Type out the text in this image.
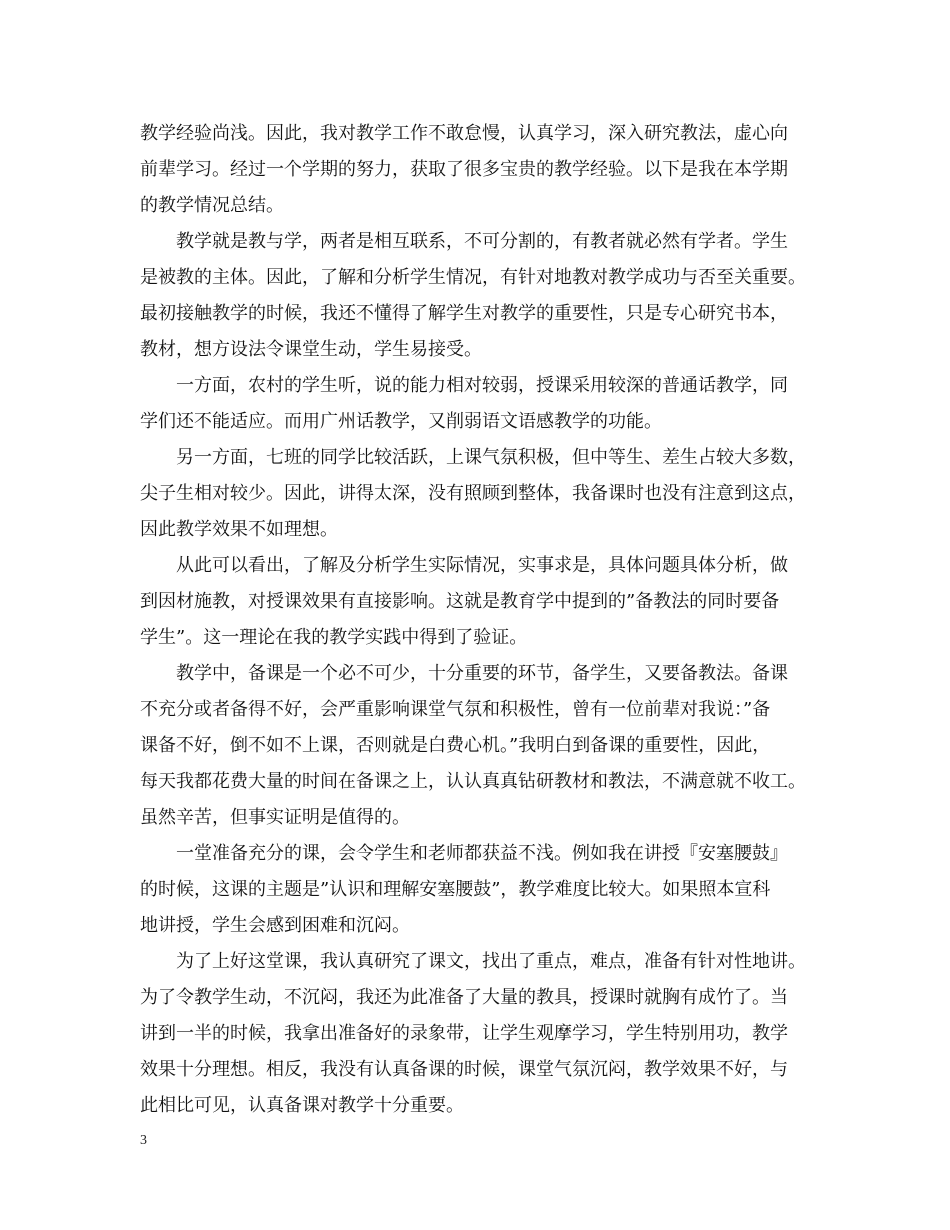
教学经验尚浅。因此，我对教学工作不敢怠慢，认真学习，深入研究教法，虚心向
前辈学习。经过一个学期的努力，获取了很多宝贵的教学经验。以下是我在本学期
的教学情况总结。
教学就是教与学，两者是相互联系，不可分割的，有教者就必然有学者。学生
是被教的主体。因此，了解和分析学生情况，有针对地教对教学成功与否至关重要。
最初接触教学的时候，我还不懂得了解学生对教学的重要性，只是专心研究书本，
教材，想方设法令课堂生动，学生易接受。
一方面，农村的学生听，说的能力相对较弱，授课采用较深的普通话教学，同
学们还不能适应。而用广州话教学，又削弱语文语感教学的功能。
另一方面，七班的同学比较活跃，上课气氛积极，但中等生、差生占较大多数，
尖子生相对较少。因此，讲得太深，没有照顾到整体，我备课时也没有注意到这点，
因此教学效果不如理想。
从此可以看出，了解及分析学生实际情况，实事求是，具体问题具体分析，做
到因材施教，对授课效果有直接影响。这就是教育学中提到的”备教法的同时要备
学生”。这一理论在我的教学实践中得到了验证。
教学中，备课是一个必不可少，十分重要的环节，备学生，又要备教法。备课
不充分或者备得不好，会严重影响课堂气氛和积极性，曾有一位前辈对我说：”备
课备不好，倒不如不上课，否则就是白费心机。”我明白到备课的重要性，因此，
每天我都花费大量的时间在备课之上，认认真真钻研教材和教法，不满意就不收工。
虽然辛苦，但事实证明是值得的。
一堂准备充分的课，会令学生和老师都获益不浅。例如我在讲授『安塞腰鼓』
的时候，这课的主题是”认识和理解安塞腰鼓”，教学难度比较大。如果照本宣科
地讲授，学生会感到困难和沉闷。
为了上好这堂课，我认真研究了课文，找出了重点，难点，准备有针对性地讲。
为了令教学生动，不沉闷，我还为此准备了大量的教具，授课时就胸有成竹了。当
讲到一半的时候，我拿出准备好的录象带，让学生观摩学习，学生特别用功，教学
效果十分理想。相反，我没有认真备课的时候，课堂气氛沉闷，教学效果不好，与
此相比可见，认真备课对教学十分重要。
3
